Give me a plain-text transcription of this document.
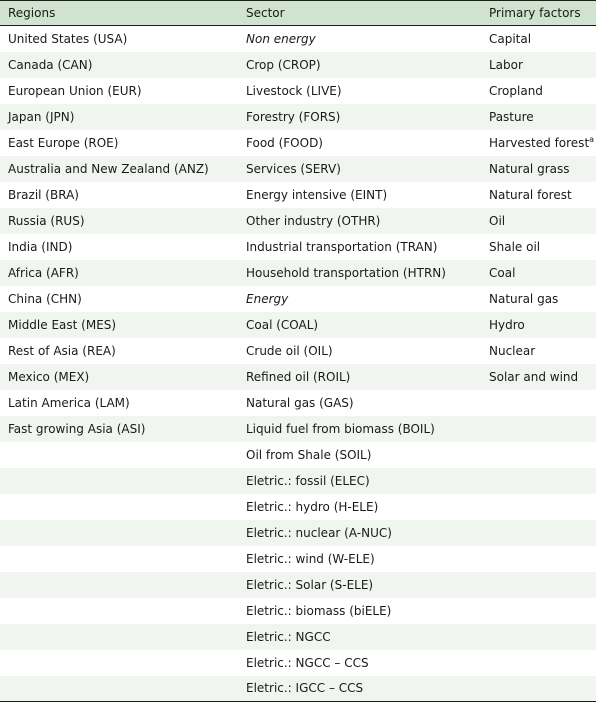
Regions	Sector	Primary factors
United States (USA)	Non energy	Capital
Canada (CAN)	Crop (CROP)	Labor
European Union (EUR)	Livestock (LIVE)	Cropland
Japan (JPN)	Forestry (FORS)	Pasture
East Europe (ROE)	Food (FOOD)	Harvested forest$^a$
Australia and New Zealand (ANZ)	Services (SERV)	Natural grass
Brazil (BRA)	Energy intensive (EINT)	Natural forest
Russia (RUS)	Other industry (OTHR)	Oil
India (IND)	Industrial transportation (TRAN)	Shale oil
Africa (AFR)	Household transportation (HTRN)	Coal
China (CHN)	Energy	Natural gas
Middle East (MES)	Coal (COAL)	Hydro
Rest of Asia (REA)	Crude oil (OIL)	Nuclear
Mexico (MEX)	Refined oil (ROIL)	Solar and wind
Latin America (LAM)	Natural gas (GAS)	
Fast growing Asia (ASI)	Liquid fuel from biomass (BOIL)	
	Oil from Shale (SOIL)	
	Eletric.: fossil (ELEC)	
	Eletric.: hydro (H-ELE)	
	Eletric.: nuclear (A-NUC)	
	Eletric.: wind (W-ELE)	
	Eletric.: Solar (S-ELE)	
	Eletric.: biomass (biELE)	
	Eletric.: NGCC	
	Eletric.: NGCC – CCS	
	Eletric.: IGCC – CCS	
